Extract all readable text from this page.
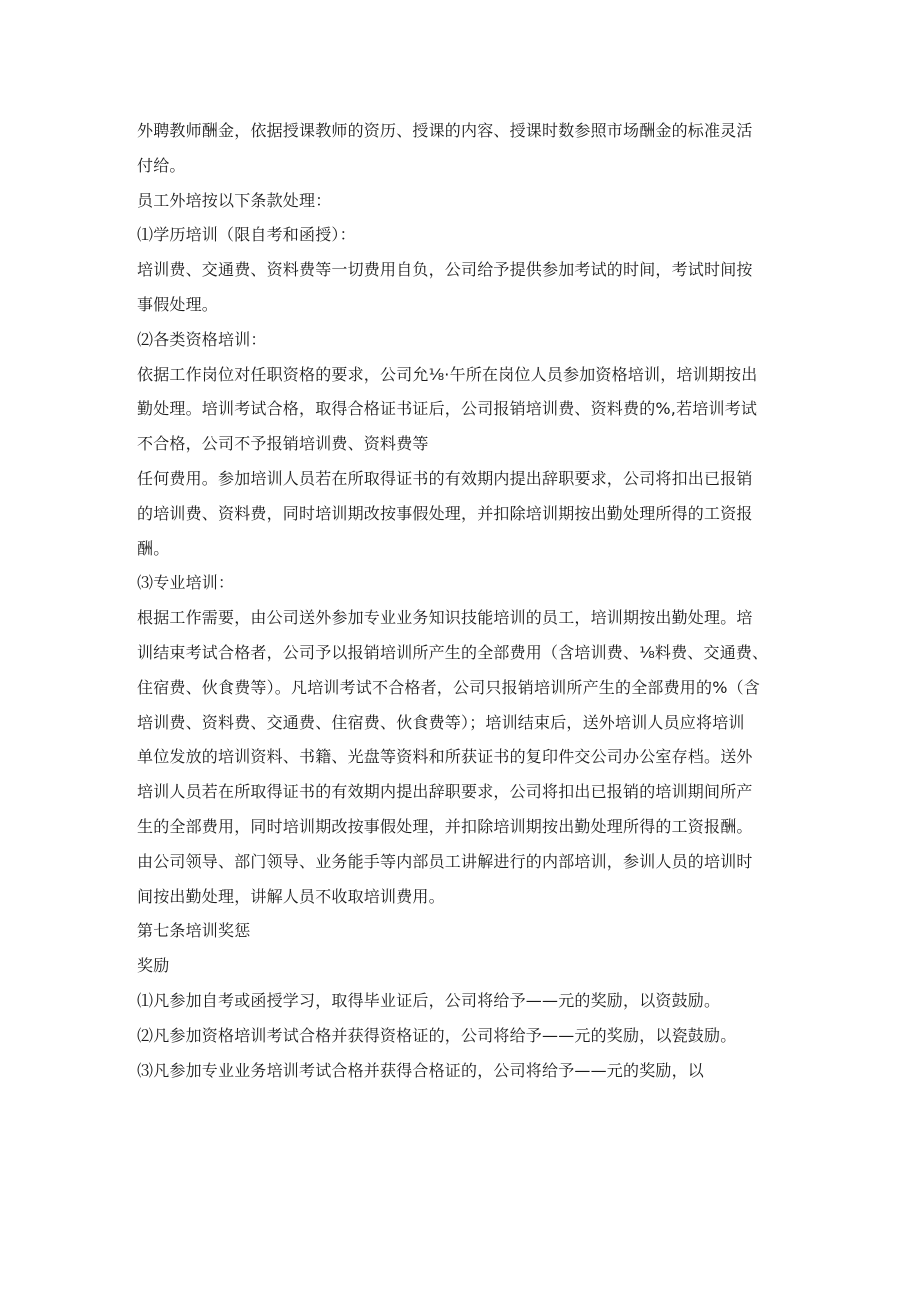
外聘教师酬金，依据授课教师的资历、授课的内容、授课时数参照市场酬金的标准灵活
付给。
员工外培按以下条款处理：
⑴学历培训（限自考和函授）：
培训费、交通费、资料费等一切费用自负，公司给予提供参加考试的时间，考试时间按
事假处理。
⑵各类资格培训：
依据工作岗位对任职资格的要求，公司允⅛·午所在岗位人员参加资格培训，培训期按出
勤处理。培训考试合格，取得合格证书证后，公司报销培训费、资料费的%,若培训考试
不合格，公司不予报销培训费、资料费等
任何费用。参加培训人员若在所取得证书的有效期内提出辞职要求，公司将扣出已报销
的培训费、资料费，同时培训期改按事假处理，并扣除培训期按出勤处理所得的工资报
酬。
⑶专业培训：
根据工作需要，由公司送外参加专业业务知识技能培训的员工，培训期按出勤处理。培
训结束考试合格者，公司予以报销培训所产生的全部费用（含培训费、⅛料费、交通费、
住宿费、伙食费等）。凡培训考试不合格者，公司只报销培训所产生的全部费用的%（含
培训费、资料费、交通费、住宿费、伙食费等）；培训结束后，送外培训人员应将培训
单位发放的培训资料、书籍、光盘等资料和所获证书的复印件交公司办公室存档。送外
培训人员若在所取得证书的有效期内提出辞职要求，公司将扣出已报销的培训期间所产
生的全部费用，同时培训期改按事假处理，并扣除培训期按出勤处理所得的工资报酬。
由公司领导、部门领导、业务能手等内部员工讲解进行的内部培训，参训人员的培训时
间按出勤处理，讲解人员不收取培训费用。
第七条培训奖惩
奖励
⑴凡参加自考或函授学习，取得毕业证后，公司将给予——元的奖励，以资鼓励。
⑵凡参加资格培训考试合格并获得资格证的，公司将给予——元的奖励，以瓷鼓励。
⑶凡参加专业业务培训考试合格并获得合格证的，公司将给予——元的奖励，以
